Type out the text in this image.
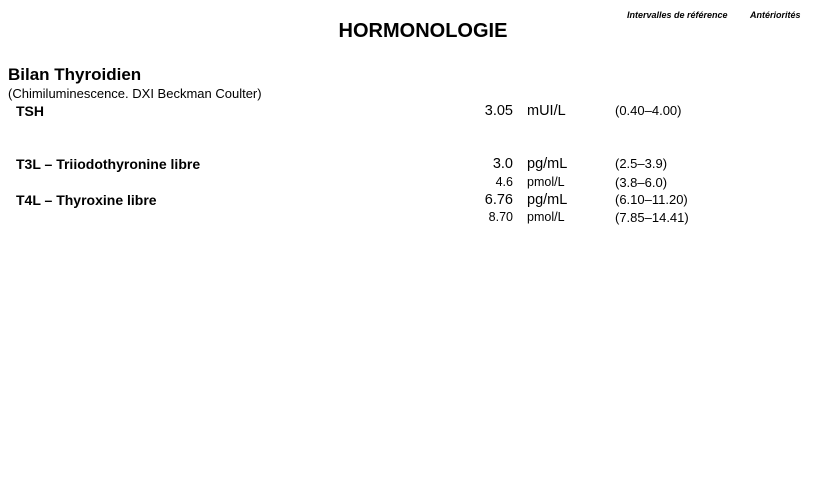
Intervalles de référence Antériorités
HORMONOLOGIE
Bilan Thyroidien
(Chimiluminescence. DXI Beckman Coulter)
TSH	3.05 mUI/L	(0.40–4.00)
T3L – Triiodothyronine libre	3.0 pg/mL	(2.5–3.9)
4.6 pmol/L	(3.8–6.0)
T4L – Thyroxine libre	6.76 pg/mL	(6.10–11.20)
8.70 pmol/L	(7.85–14.41)
